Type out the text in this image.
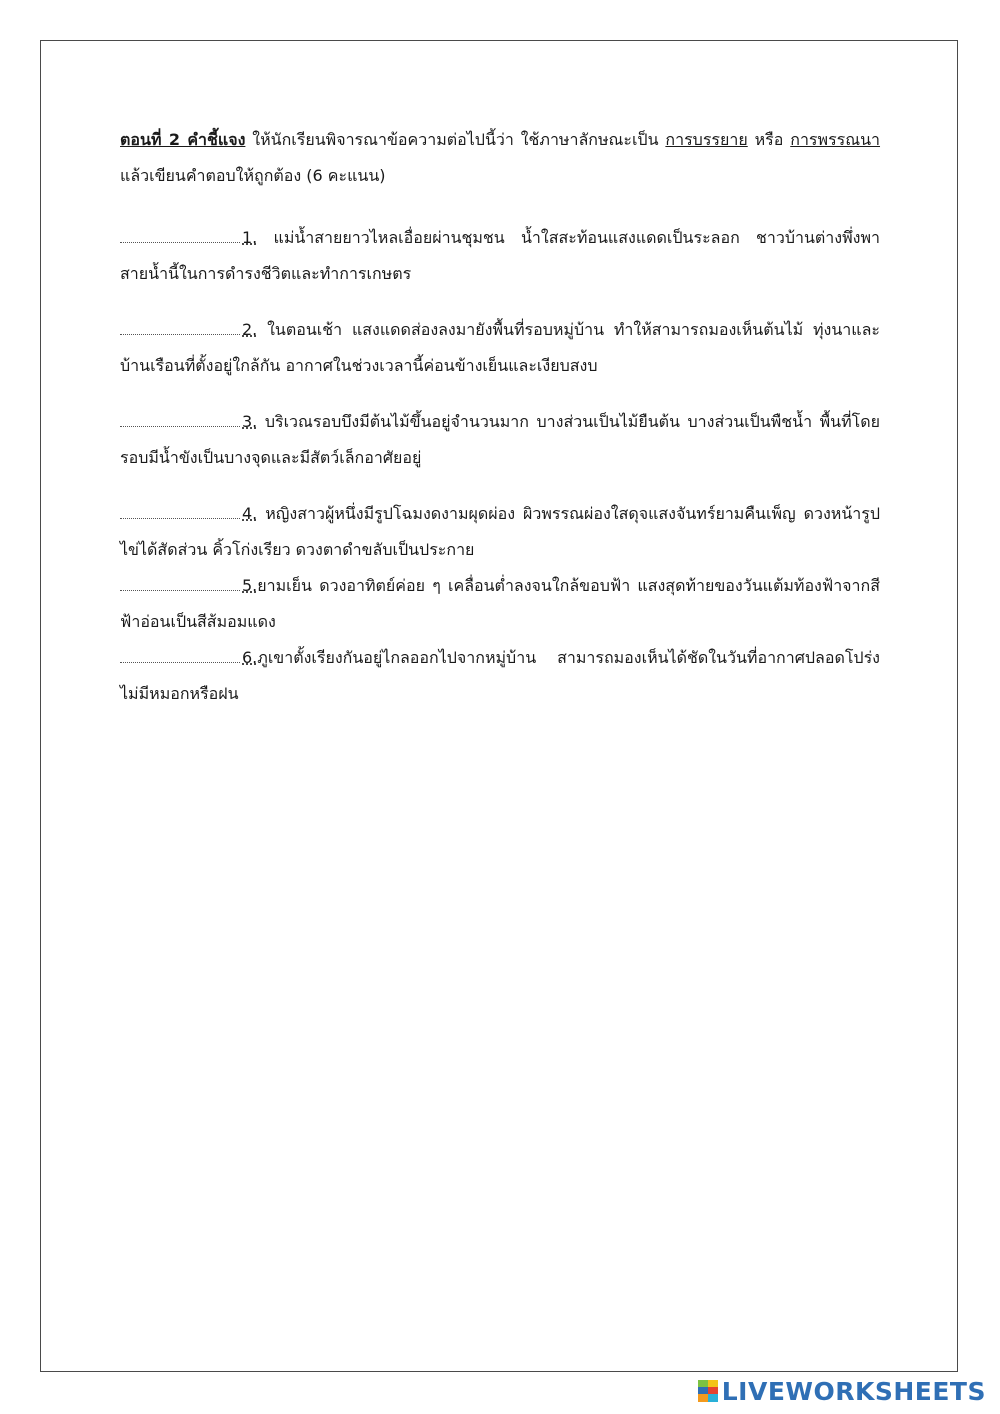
ตอนที่ 2 คำชี้แจง ให้นักเรียนพิจารณาข้อความต่อไปนี้ว่า ใช้ภาษาลักษณะเป็น การบรรยาย หรือ การพรรณนา แล้วเขียนคำตอบให้ถูกต้อง (6 คะแนน)

1. แม่น้ำสายยาวไหลเอื่อยผ่านชุมชน น้ำใสสะท้อนแสงแดดเป็นระลอก ชาวบ้านต่างพึ่งพาสายน้ำนี้ในการดำรงชีวิตและทำการเกษตร

2. ในตอนเช้า แสงแดดส่องลงมายังพื้นที่รอบหมู่บ้าน ทำให้สามารถมองเห็นต้นไม้ ทุ่งนาและบ้านเรือนที่ตั้งอยู่ใกล้กัน อากาศในช่วงเวลานี้ค่อนข้างเย็นและเงียบสงบ

3. บริเวณรอบบึงมีต้นไม้ขึ้นอยู่จำนวนมาก บางส่วนเป็นไม้ยืนต้น บางส่วนเป็นพืชน้ำ พื้นที่โดยรอบมีน้ำขังเป็นบางจุดและมีสัตว์เล็กอาศัยอยู่

4. หญิงสาวผู้หนึ่งมีรูปโฉมงดงามผุดผ่อง ผิวพรรณผ่องใสดุจแสงจันทร์ยามคืนเพ็ญ ดวงหน้ารูปไข่ได้สัดส่วน คิ้วโก่งเรียว ดวงตาดำขลับเป็นประกาย

5.ยามเย็น ดวงอาทิตย์ค่อย ๆ เคลื่อนต่ำลงจนใกล้ขอบฟ้า แสงสุดท้ายของวันแต้มท้องฟ้าจากสีฟ้าอ่อนเป็นสีส้มอมแดง

6.ภูเขาตั้งเรียงกันอยู่ไกลออกไปจากหมู่บ้าน สามารถมองเห็นได้ชัดในวันที่อากาศปลอดโปร่งไม่มีหมอกหรือฝน

LIVEWORKSHEETS
